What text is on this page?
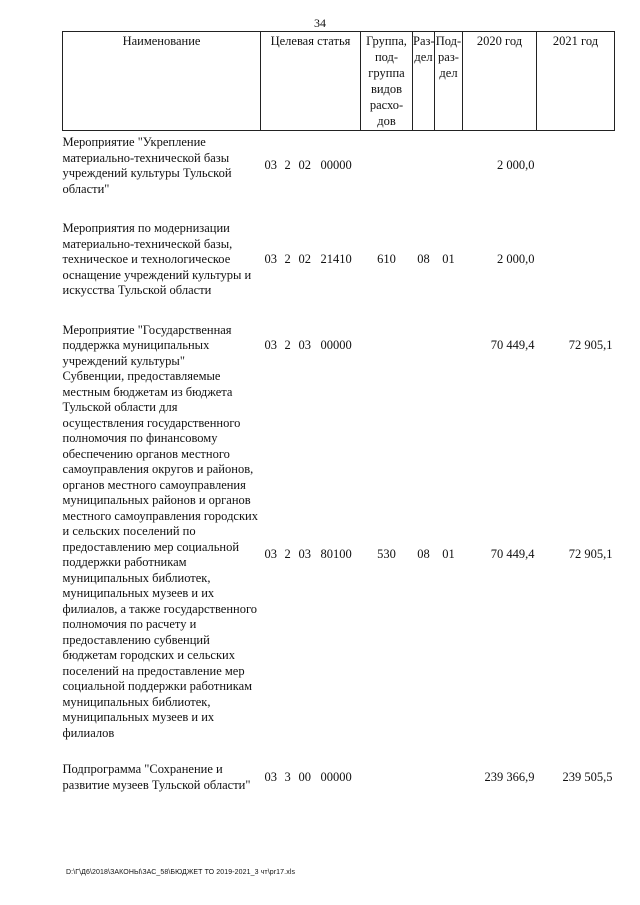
34
Наименование	Целевая статья	Группа, под-группа видов расхо-дов	Раз-дел	Под-раз-дел	2020 год	2021 год

Мероприятие "Укрепление материально-технической базы учреждений культуры Тульской области"	03 2 02 00000				2 000,0	

Мероприятия по модернизации материально-технической базы, техническое и технологическое оснащение учреждений культуры и искусства Тульской области	03 2 02 21410	610	08	01	2 000,0	

Мероприятие "Государственная поддержка муниципальных учреждений культуры"	03 2 03 00000				70 449,4	72 905,1
Субвенции, предоставляемые местным бюджетам из бюджета Тульской области для осуществления государственного полномочия по финансовому обеспечению органов местного самоуправления округов и районов, органов местного самоуправления муниципальных районов и органов местного самоуправления городских и сельских поселений по предоставлению мер социальной поддержки работникам муниципальных библиотек, муниципальных музеев и их филиалов, а также государственного полномочия по расчету и предоставлению субвенций бюджетам городских и сельских поселений на предоставление мер социальной поддержки работникам муниципальных библиотек, муниципальных музеев и их филиалов	03 2 03 80100	530	08	01	70 449,4	72 905,1

Подпрограмма "Сохранение и развитие музеев Тульской области"	03 3 00 00000				239 366,9	239 505,5
D:\Г\Д6\2018\ЗАКОНЫ\ЗАС_58\БЮДЖЕТ ТО 2019-2021_3 чт\pr17.xls
